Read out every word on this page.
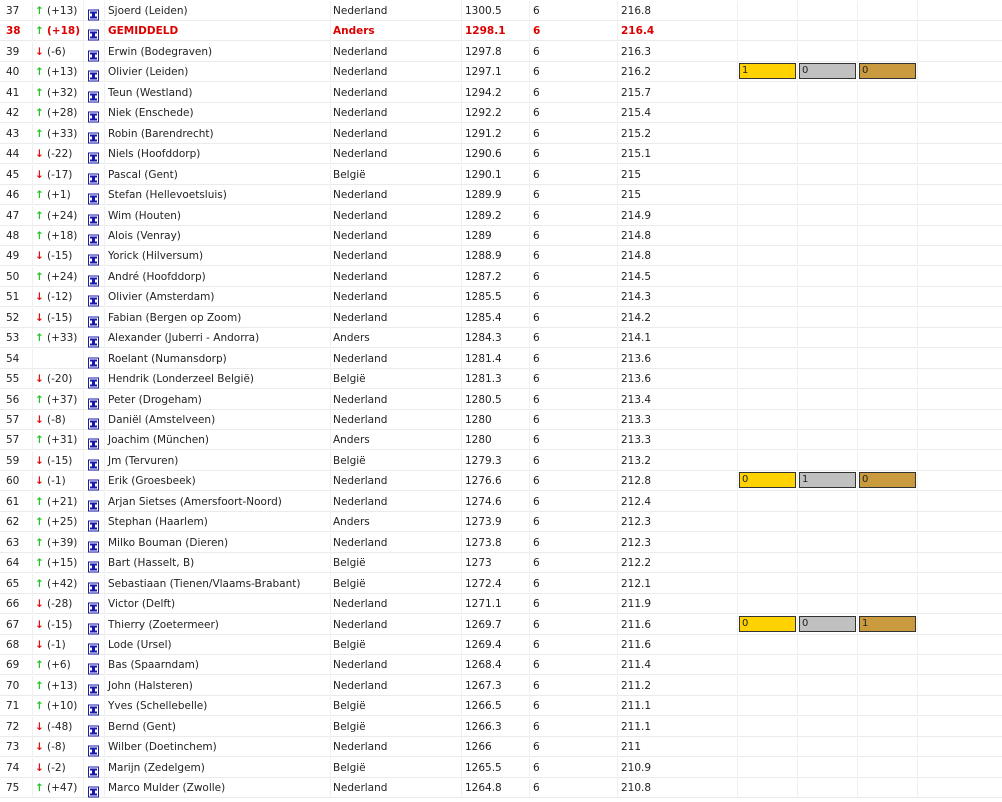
37 ↑ (+13)	Sjoerd (Leiden)	Nederland	1300.5	6	216.8
38 ↑ (+18)	GEMIDDELD	Anders	1298.1	6	216.4
39 ↓ (-6)	Erwin (Bodegraven)	Nederland	1297.8	6	216.3
40 ↑ (+13)	Olivier (Leiden)	Nederland	1297.1	6	216.2	1	0	0
41 ↑ (+32)	Teun (Westland)	Nederland	1294.2	6	215.7
42 ↑ (+28)	Niek (Enschede)	Nederland	1292.2	6	215.4
43 ↑ (+33)	Robin (Barendrecht)	Nederland	1291.2	6	215.2
44 ↓ (-22)	Niels (Hoofddorp)	Nederland	1290.6	6	215.1
45 ↓ (-17)	Pascal (Gent)	België	1290.1	6	215
46 ↑ (+1)	Stefan (Hellevoetsluis)	Nederland	1289.9	6	215
47 ↑ (+24)	Wim (Houten)	Nederland	1289.2	6	214.9
48 ↑ (+18)	Alois (Venray)	Nederland	1289	6	214.8
49 ↓ (-15)	Yorick (Hilversum)	Nederland	1288.9	6	214.8
50 ↑ (+24)	André (Hoofddorp)	Nederland	1287.2	6	214.5
51 ↓ (-12)	Olivier (Amsterdam)	Nederland	1285.5	6	214.3
52 ↓ (-15)	Fabian (Bergen op Zoom)	Nederland	1285.4	6	214.2
53 ↑ (+33)	Alexander (Juberri - Andorra)	Anders	1284.3	6	214.1
54	Roelant (Numansdorp)	Nederland	1281.4	6	213.6
55 ↓ (-20)	Hendrik (Londerzeel België)	België	1281.3	6	213.6
56 ↑ (+37)	Peter (Drogeham)	Nederland	1280.5	6	213.4
57 ↓ (-8)	Daniël (Amstelveen)	Nederland	1280	6	213.3
57 ↑ (+31)	Joachim (München)	Anders	1280	6	213.3
59 ↓ (-15)	Jm (Tervuren)	België	1279.3	6	213.2
60 ↓ (-1)	Erik (Groesbeek)	Nederland	1276.6	6	212.8	0	1	0
61 ↑ (+21)	Arjan Sietses (Amersfoort-Noord)	Nederland	1274.6	6	212.4
62 ↑ (+25)	Stephan (Haarlem)	Anders	1273.9	6	212.3
63 ↑ (+39)	Milko Bouman (Dieren)	Nederland	1273.8	6	212.3
64 ↑ (+15)	Bart (Hasselt, B)	België	1273	6	212.2
65 ↑ (+42)	Sebastiaan (Tienen/Vlaams-Brabant)	België	1272.4	6	212.1
66 ↓ (-28)	Victor (Delft)	Nederland	1271.1	6	211.9
67 ↓ (-15)	Thierry (Zoetermeer)	Nederland	1269.7	6	211.6	0	0	1
68 ↓ (-1)	Lode (Ursel)	België	1269.4	6	211.6
69 ↑ (+6)	Bas (Spaarndam)	Nederland	1268.4	6	211.4
70 ↑ (+13)	John (Halsteren)	Nederland	1267.3	6	211.2
71 ↑ (+10)	Yves (Schellebelle)	België	1266.5	6	211.1
72 ↓ (-48)	Bernd (Gent)	België	1266.3	6	211.1
73 ↓ (-8)	Wilber (Doetinchem)	Nederland	1266	6	211
74 ↓ (-2)	Marijn (Zedelgem)	België	1265.5	6	210.9
75 ↑ (+47)	Marco Mulder (Zwolle)	Nederland	1264.8	6	210.8
